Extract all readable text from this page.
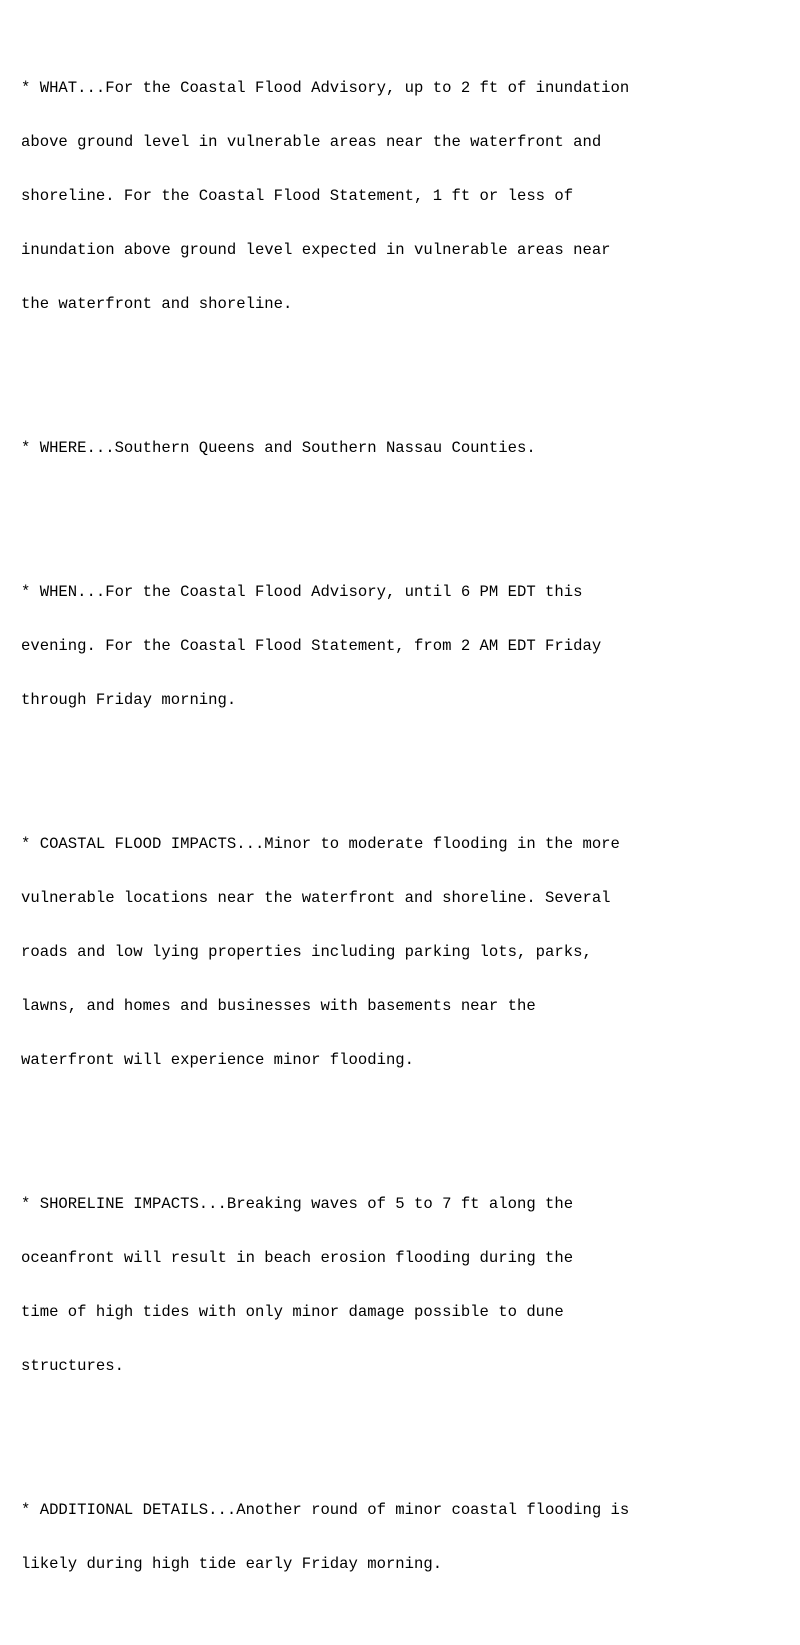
* WHAT...For the Coastal Flood Advisory, up to 2 ft of inundation

above ground level in vulnerable areas near the waterfront and

shoreline. For the Coastal Flood Statement, 1 ft or less of

inundation above ground level expected in vulnerable areas near

the waterfront and shoreline.

* WHERE...Southern Queens and Southern Nassau Counties.

* WHEN...For the Coastal Flood Advisory, until 6 PM EDT this

evening. For the Coastal Flood Statement, from 2 AM EDT Friday

through Friday morning.

* COASTAL FLOOD IMPACTS...Minor to moderate flooding in the more

vulnerable locations near the waterfront and shoreline. Several

roads and low lying properties including parking lots, parks,

lawns, and homes and businesses with basements near the

waterfront will experience minor flooding.

* SHORELINE IMPACTS...Breaking waves of 5 to 7 ft along the

oceanfront will result in beach erosion flooding during the

time of high tides with only minor damage possible to dune

structures.

* ADDITIONAL DETAILS...Another round of minor coastal flooding is

likely during high tide early Friday morning.
